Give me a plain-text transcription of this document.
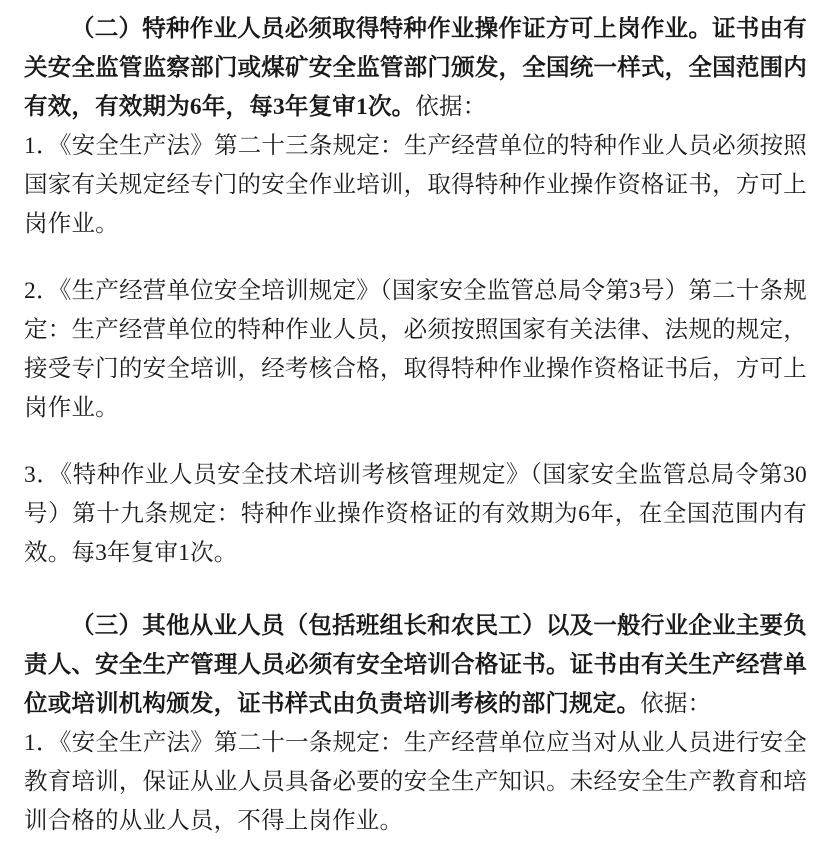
（二）特种作业人员必须取得特种作业操作证方可上岗作业。证书由有关安全监管监察部门或煤矿安全监管部门颁发，全国统一样式，全国范围内有效，有效期为6年，每3年复审1次。依据：

1．《安全生产法》第二十三条规定：生产经营单位的特种作业人员必须按照国家有关规定经专门的安全作业培训，取得特种作业操作资格证书，方可上岗作业。

2．《生产经营单位安全培训规定》（国家安全监管总局令第3号）第二十条规定：生产经营单位的特种作业人员，必须按照国家有关法律、法规的规定，接受专门的安全培训，经考核合格，取得特种作业操作资格证书后，方可上岗作业。

3．《特种作业人员安全技术培训考核管理规定》（国家安全监管总局令第30号）第十九条规定：特种作业操作资格证的有效期为6年，在全国范围内有效。每3年复审1次。

（三）其他从业人员（包括班组长和农民工）以及一般行业企业主要负责人、安全生产管理人员必须有安全培训合格证书。证书由有关生产经营单位或培训机构颁发，证书样式由负责培训考核的部门规定。依据：

1．《安全生产法》第二十一条规定：生产经营单位应当对从业人员进行安全教育培训，保证从业人员具备必要的安全生产知识。未经安全生产教育和培训合格的从业人员，不得上岗作业。
